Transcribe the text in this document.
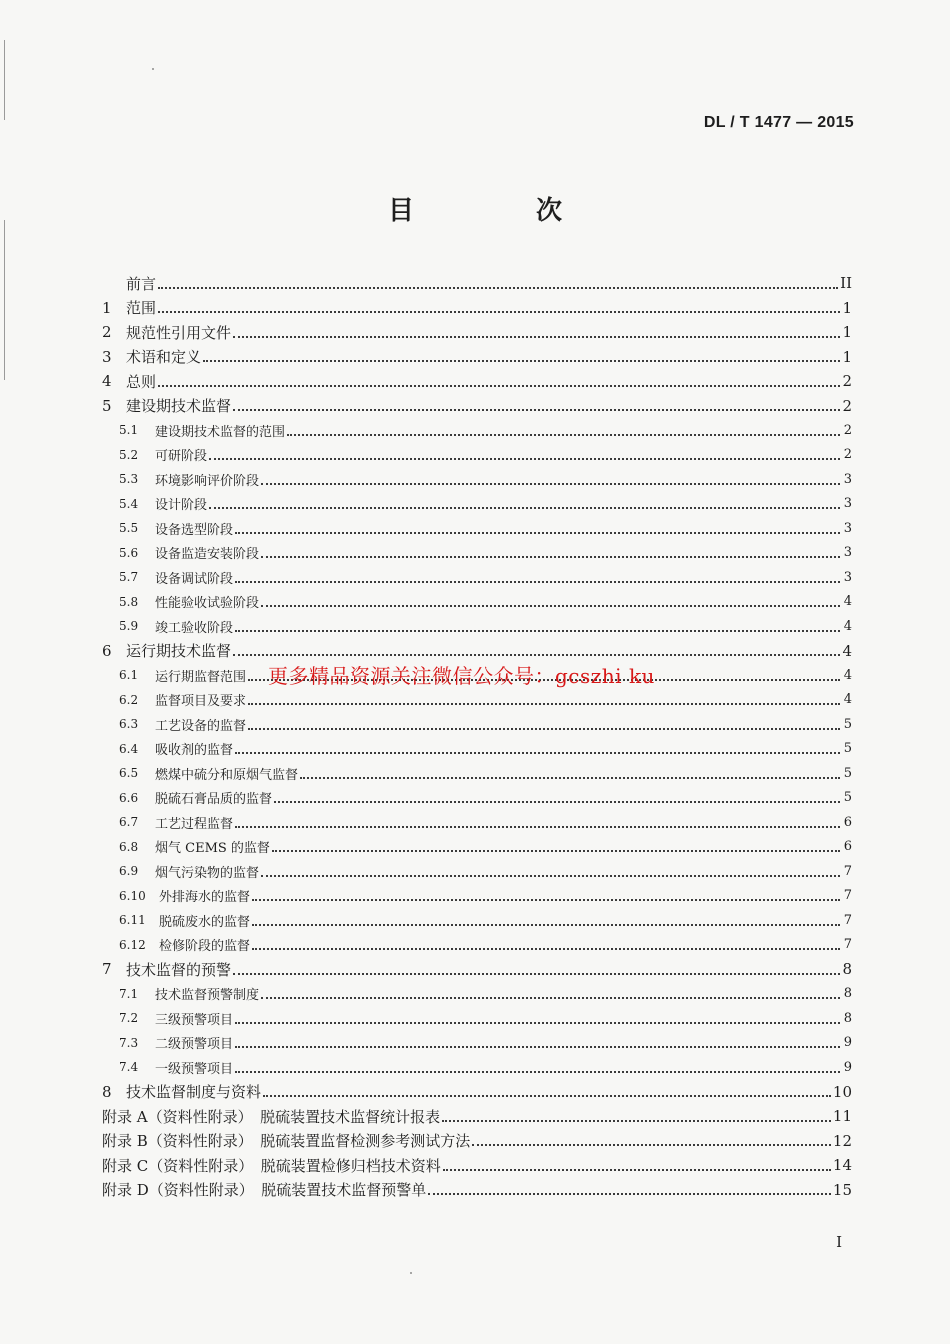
DL / T 1477 — 2015
目　次
前言	II
1 范围	1
2 规范性引用文件	1
3 术语和定义	1
4 总则	2
5 建设期技术监督	2
5.1	建设期技术监督的范围	2
5.2	可研阶段	2
5.3	环境影响评价阶段	3
5.4	设计阶段	3
5.5	设备选型阶段	3
5.6	设备监造安装阶段	3
5.7	设备调试阶段	3
5.8	性能验收试验阶段	4
5.9	竣工验收阶段	4
6 运行期技术监督	4
6.1	运行期监督范围	4
6.2	监督项目及要求	4
6.3	工艺设备的监督	5
6.4	吸收剂的监督	5
6.5	燃煤中硫分和原烟气监督	5
6.6	脱硫石膏品质的监督	5
6.7	工艺过程监督	6
6.8	烟气 CEMS 的监督	6
6.9	烟气污染物的监督	7
6.10	外排海水的监督	7
6.11	脱硫废水的监督	7
6.12	检修阶段的监督	7
7 技术监督的预警	8
7.1	技术监督预警制度	8
7.2	三级预警项目	8
7.3	二级预警项目	9
7.4	一级预警项目	9
8 技术监督制度与资料	10
附录 A（资料性附录）　脱硫装置技术监督统计报表	11
附录 B（资料性附录）　脱硫装置监督检测参考测试方法	12
附录 C（资料性附录）　脱硫装置检修归档技术资料	14
附录 D（资料性附录）　脱硫装置技术监督预警单	15
更多精品资源关注微信公众号：gcszhi ku
I
